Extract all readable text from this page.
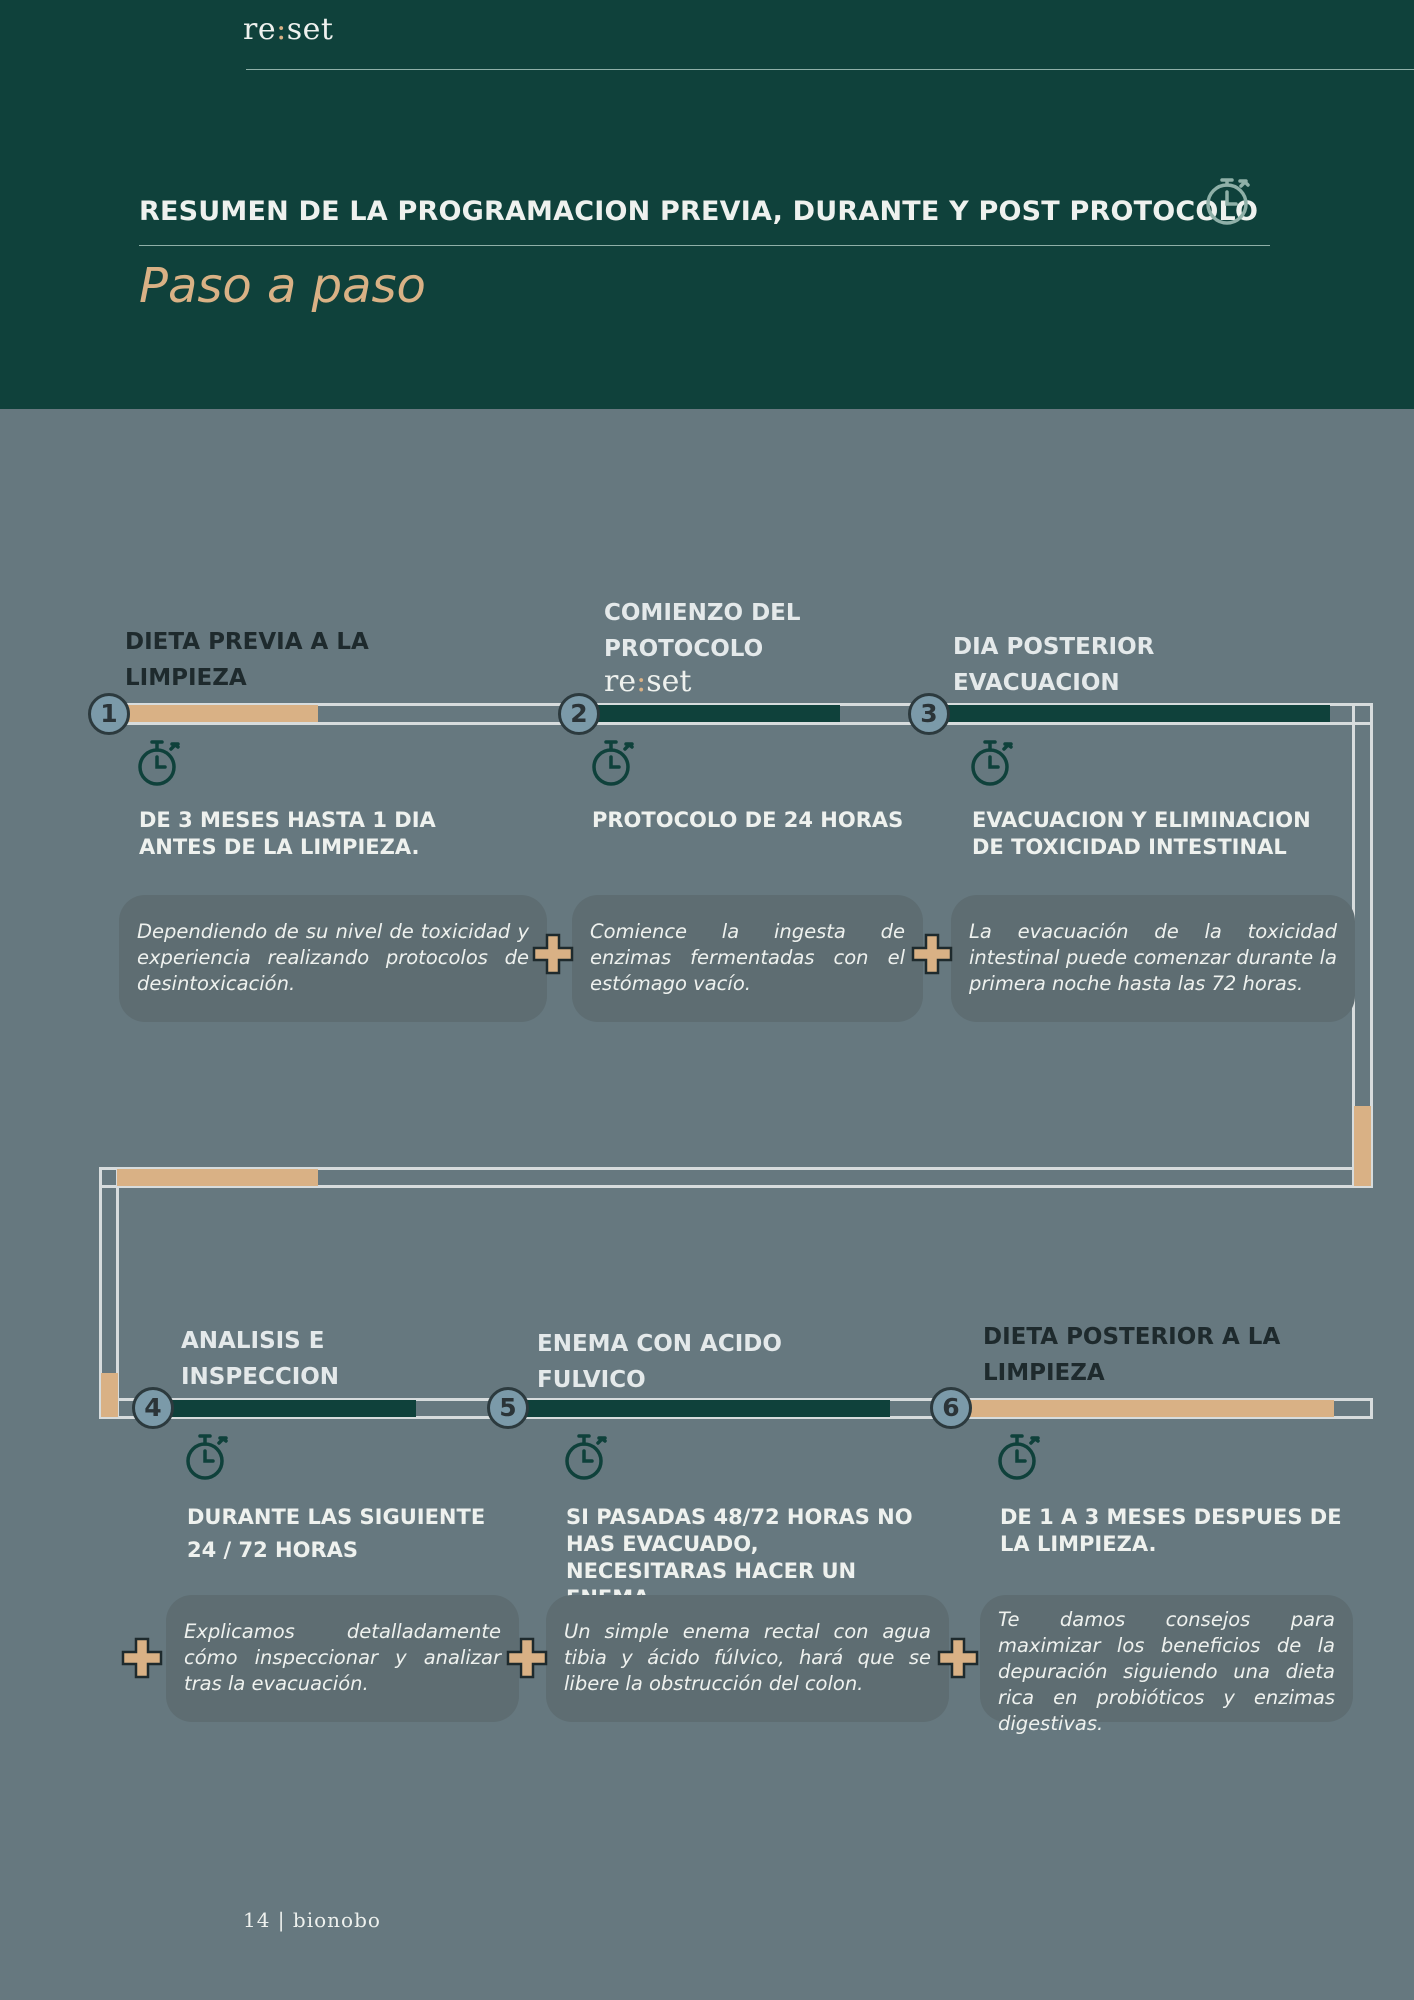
re:set
RESUMEN DE LA PROGRAMACION PREVIA, DURANTE Y POST PROTOCOLO
Paso a paso
1	2	3
4	5	6
DIETA PREVIA A LA LIMPIEZA
COMIENZO DEL PROTOCOLO
re:set
DIA POSTERIOR EVACUACION
ANALISIS E INSPECCION
ENEMA CON ACIDO FULVICO
DIETA POSTERIOR A LA LIMPIEZA
DE 3 MESES HASTA 1 DIA ANTES DE LA LIMPIEZA.
PROTOCOLO DE 24 HORAS	EVACUACION Y ELIMINACION DE TOXICIDAD INTESTINAL
DURANTE LAS SIGUIENTE 24 / 72 HORAS
SI PASADAS 48/72 HORAS NO HAS EVACUADO, NECESITARAS HACER UN
DE 1 A 3 MESES DESPUES DE LA LIMPIEZA.

Dependiendo de su nivel de toxicidad y experiencia realizando protocolos de desintoxicación.

Comience la ingesta de enzimas fermentadas con el estómago vacío.

La evacuación de la toxicidad intestinal puede comenzar durante la primera noche hasta las 72 horas.

Explicamos detalladamente cómo inspeccionar y analizar tras la evacuación.

Un simple enema rectal con agua tibia y ácido fúlvico, hará que se libere la obstrucción del colon.

Te damos consejos para maximizar los beneficios de la depuración siguiendo una dieta rica en probióticos y enzimas digestivas.

14 | bionobo
